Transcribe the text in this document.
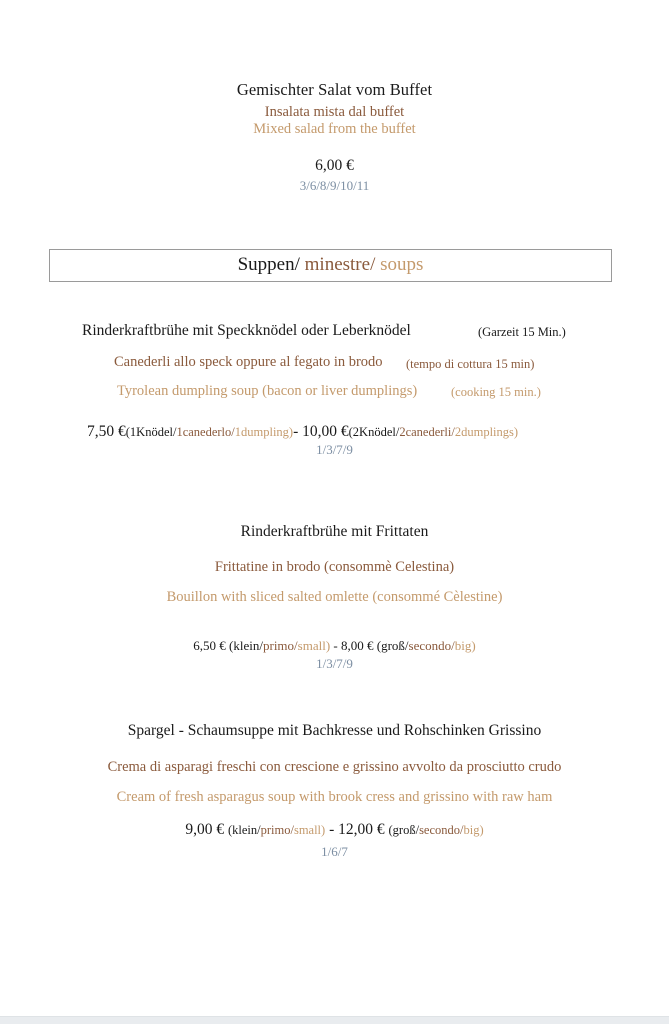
Gemischter Salat vom Buffet
Insalata mista dal buffet
Mixed salad from the buffet
6,00 €
3/6/8/9/10/11
Suppen/ minestre/ soups
Rinderkraftbrühe mit Speckknödel oder Leberknödel	(Garzeit 15 Min.)
Canederli allo speck oppure al fegato in brodo (tempo di cottura 15 min)
Tyrolean dumpling soup (bacon or liver dumplings)	(cooking 15 min.)
7,50 €(1Knödel/1canederlo/1dumpling)- 10,00 €(2Knödel/2canederli/2dumplings)
1/3/7/9
Rinderkraftbrühe mit Frittaten
Frittatine in brodo (consommè Celestina)
Bouillon with sliced salted omlette (consommé Cèlestine)
6,50 € (klein/primo/small) - 8,00 € (groß/secondo/big)
1/3/7/9
Spargel - Schaumsuppe mit Bachkresse und Rohschinken Grissino
Crema di asparagi freschi con crescione e grissino avvolto da prosciutto crudo
Cream of fresh asparagus soup with brook cress and grissino with raw ham
9,00 € (klein/primo/small) - 12,00 € (groß/secondo/big)
1/6/7
